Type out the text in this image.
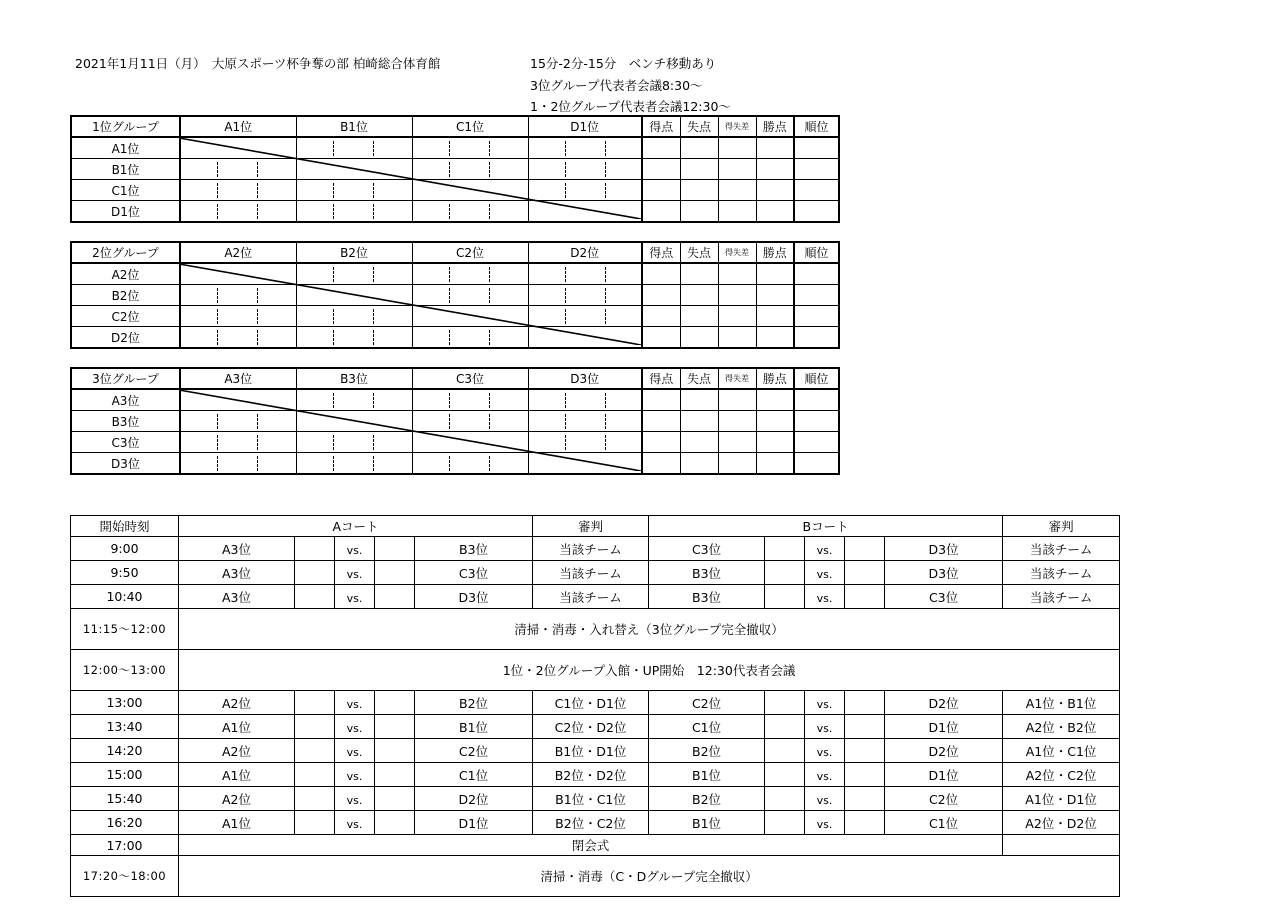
2021年1月11日（月）　大原スポーツ杯争奪の部 柏崎総合体育館	15分-2分-15分　ベンチ移動あり
3位グループ代表者会議8:30～
1・2位グループ代表者会議12:30～
1位グループ	A1位	B1位	C1位	D1位	得点	失点	得失差	勝点	順位
A1位									
B1位									
C1位									
D1位									
2位グループ	A2位	B2位	C2位	D2位	得点	失点	得失差	勝点	順位
A2位									
B2位									
C2位									
D2位									
3位グループ	A3位	B3位	C3位	D3位	得点	失点	得失差	勝点	順位
A3位									
B3位									
C3位									
D3位									
開始時刻	Aコート					審判	Bコート					審判
9:00	A3位		vs.		B3位	当該チーム	C3位		vs.		D3位	当該チーム
9:50	A3位		vs.		C3位	当該チーム	B3位		vs.		D3位	当該チーム
10:40	A3位		vs.		D3位	当該チーム	B3位		vs.		C3位	当該チーム
11:15～12:00	清掃・消毒・入れ替え（3位グループ完全撤収）											
12:00～13:00	1位・2位グループ入館・UP開始　12:30代表者会議											
13:00	A2位		vs.		B2位	C1位・D1位	C2位		vs.		D2位	A1位・B1位
13:40	A1位		vs.		B1位	C2位・D2位	C1位		vs.		D1位	A2位・B2位
14:20	A2位		vs.		C2位	B1位・D1位	B2位		vs.		D2位	A1位・C1位
15:00	A1位		vs.		C1位	B2位・D2位	B1位		vs.		D1位	A2位・C2位
15:40	A2位		vs.		D2位	B1位・C1位	B2位		vs.		C2位	A1位・D1位
16:20	A1位		vs.		D1位	B2位・C2位	B1位		vs.		C1位	A2位・D2位
17:00	閉会式											
17:20～18:00	清掃・消毒（C・Dグループ完全撤収）											
